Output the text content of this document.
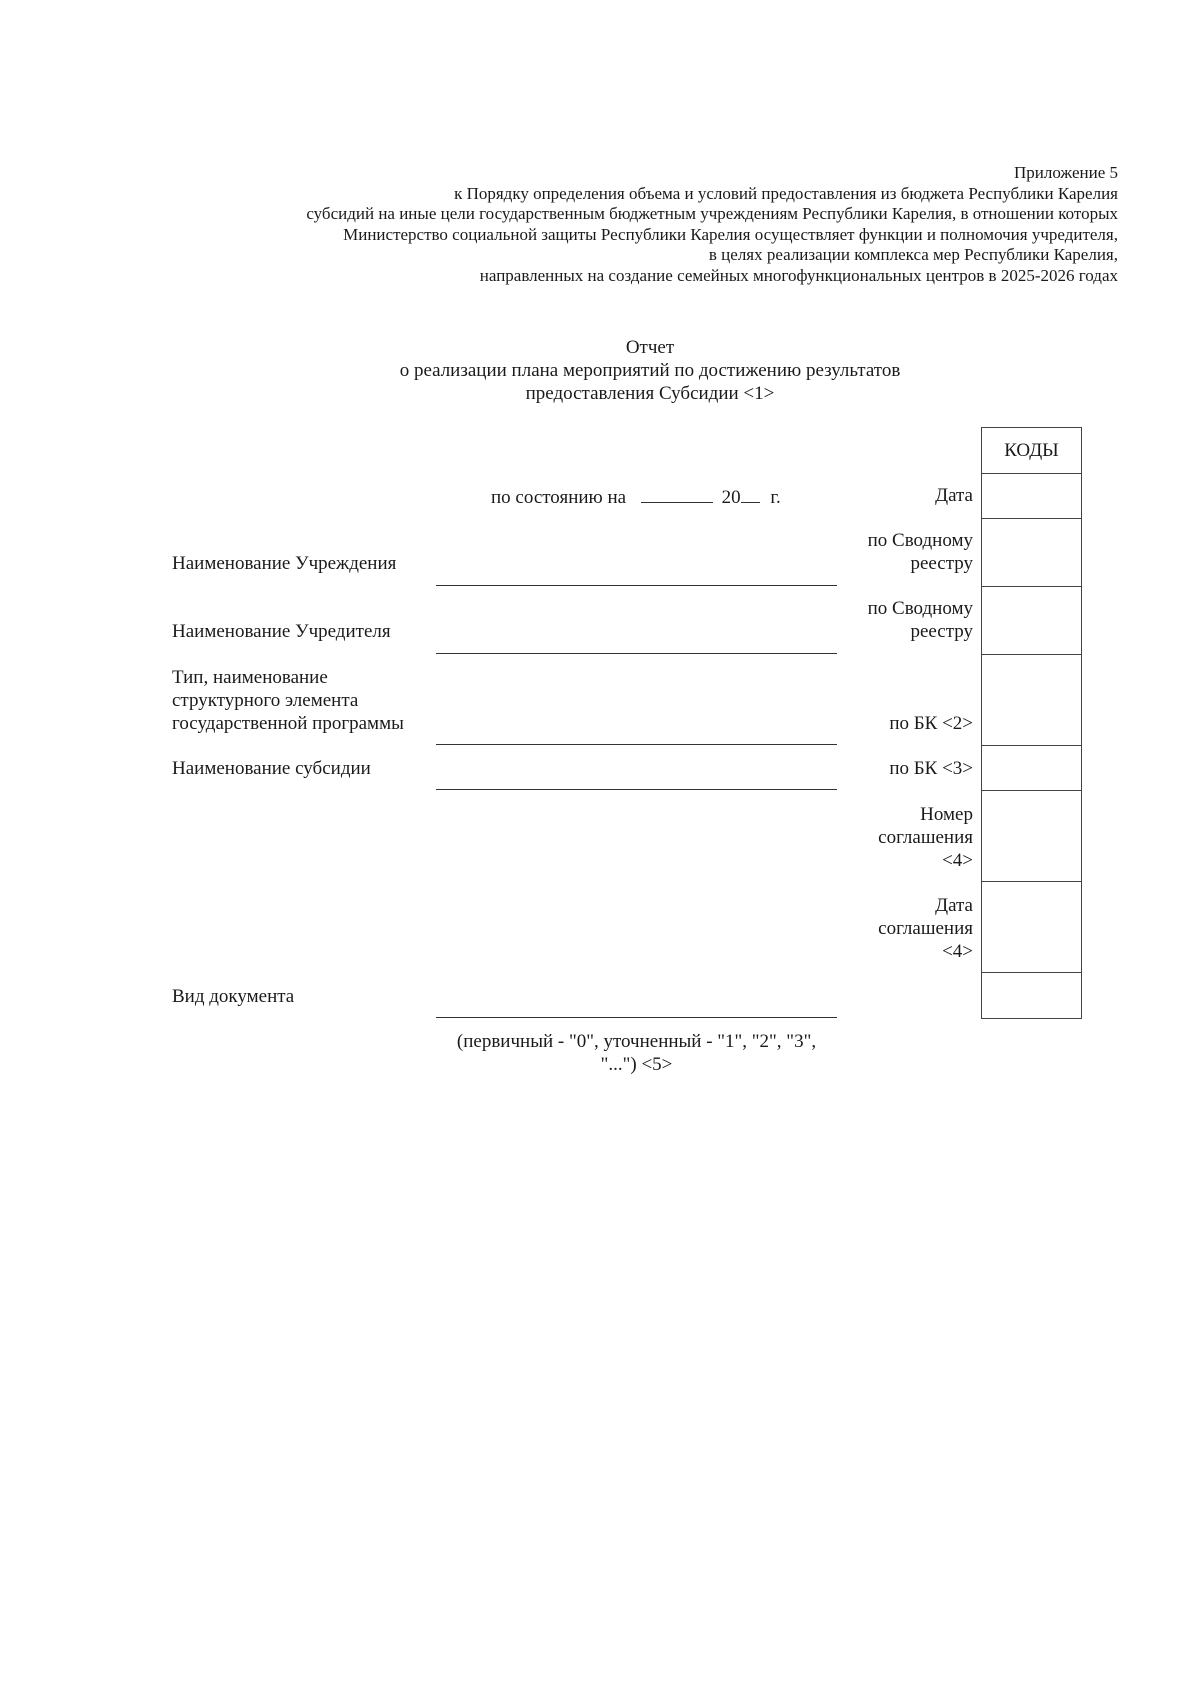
Приложение 5
к Порядку определения объема и условий предоставления из бюджета Республики Карелия
субсидий на иные цели государственным бюджетным учреждениям Республики Карелия, в отношении которых
Министерство социальной защиты Республики Карелия осуществляет функции и полномочия учредителя,
в целях реализации комплекса мер Республики Карелия,
направленных на создание семейных многофункциональных центров в 2025-2026 годах
Отчет
о реализации плана мероприятий по достижению результатов
предоставления Субсидии <1>
по состоянию на	20 г.
Наименование Учреждения
Наименование Учредителя
Тип, наименование
структурного элемента
государственной программы
Наименование субсидии
Вид документа
(первичный - "0", уточненный - "1", "2", "3",
"...") <5>
Дата
по Сводному
реестру
по Сводному
реестру
по БК <2>
по БК <3>
Номер
соглашения
<4>
Дата
соглашения
<4>
КОДЫ
